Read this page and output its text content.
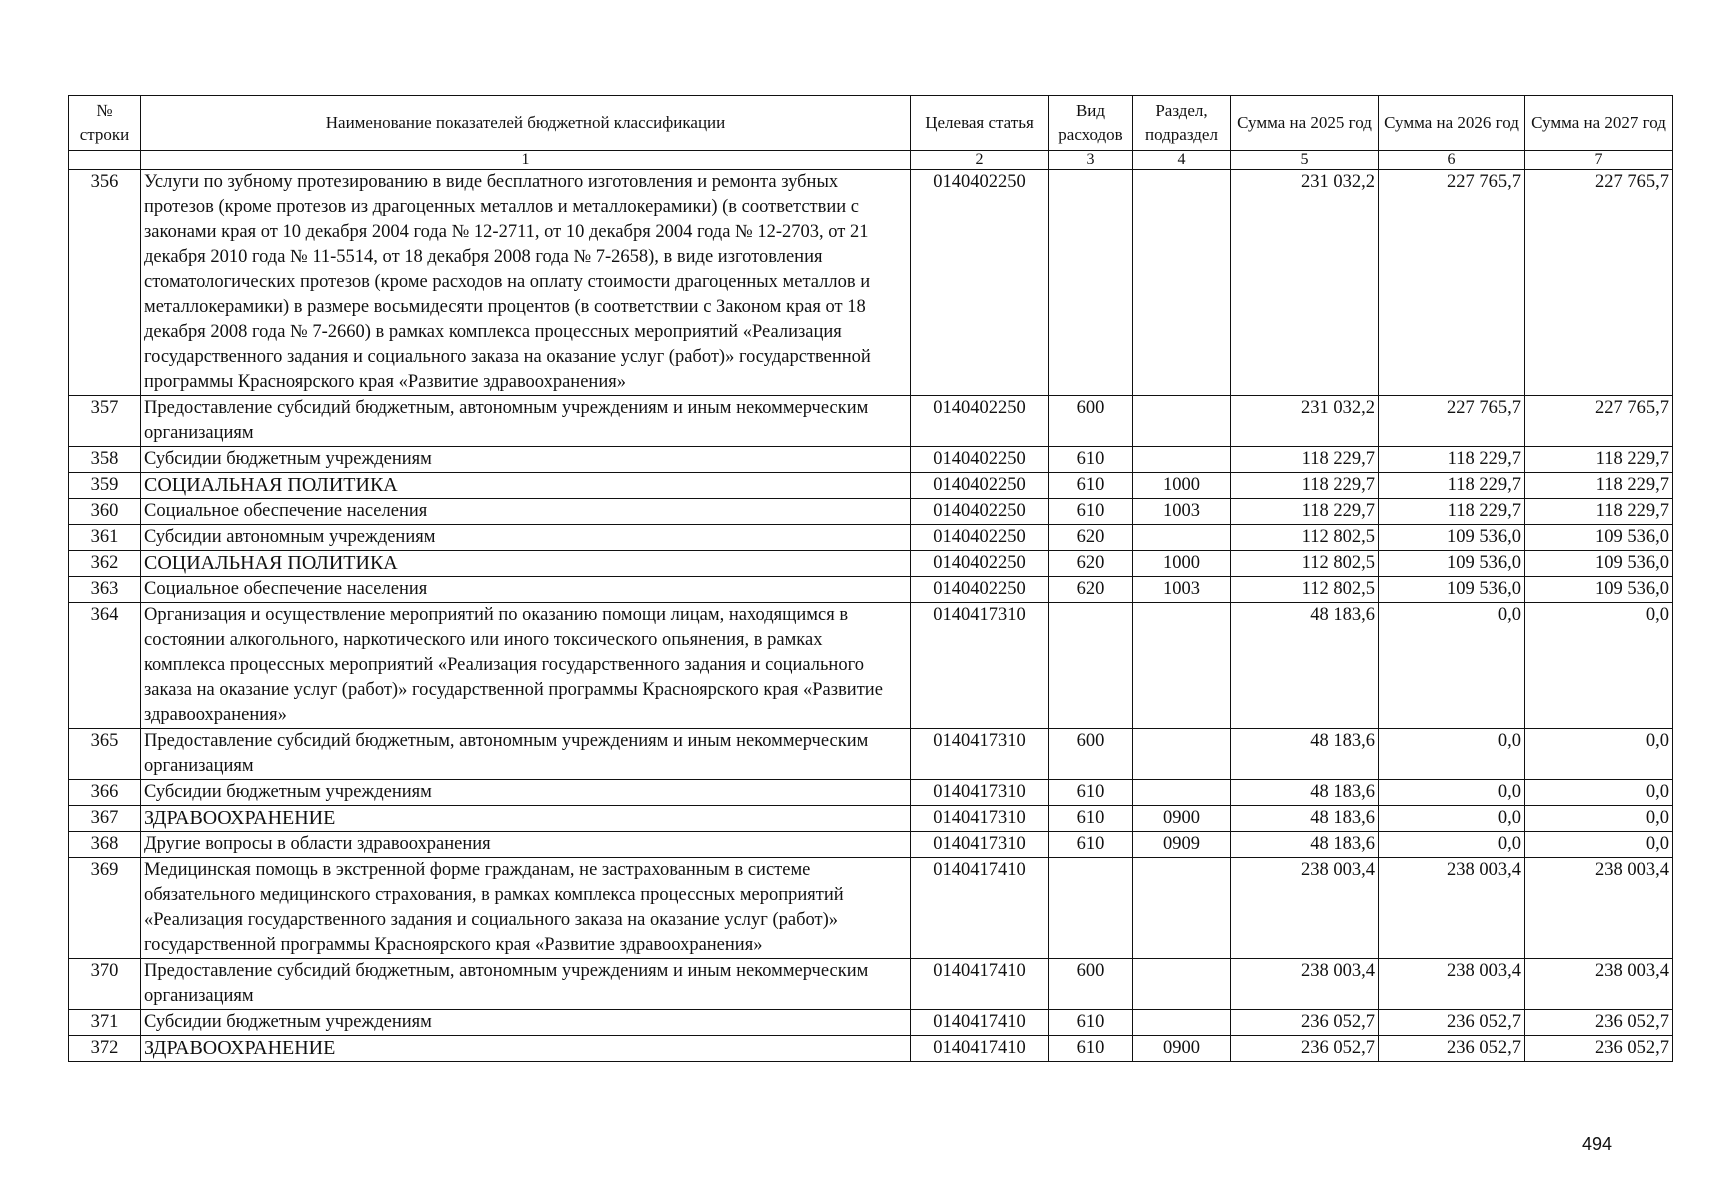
№ строки	Наименование показателей бюджетной классификации	Целевая статья	Вид расходов	Раздел, подраздел	Сумма на 2025 год	Сумма на 2026 год	Сумма на 2027 год
	1	2	3	4	5	6	7
356	Услуги по зубному протезированию в виде бесплатного изготовления и ремонта зубных протезов (кроме протезов из драгоценных металлов и металлокерамики) (в соответствии с законами края от 10 декабря 2004 года № 12-2711, от 10 декабря 2004 года № 12-2703, от 21 декабря 2010 года № 11-5514, от 18 декабря 2008 года № 7-2658), в виде изготовления стоматологических протезов (кроме расходов на оплату стоимости драгоценных металлов и металлокерамики) в размере восьмидесяти процентов (в соответствии с Законом края от 18 декабря 2008 года № 7-2660) в рамках комплекса процессных мероприятий «Реализация государственного задания и социального заказа на оказание услуг (работ)» государственной программы Красноярского края «Развитие здравоохранения»	0140402250			231 032,2	227 765,7	227 765,7
357	Предоставление субсидий бюджетным, автономным учреждениям и иным некоммерческим организациям	0140402250	600		231 032,2	227 765,7	227 765,7
358	Субсидии бюджетным учреждениям	0140402250	610		118 229,7	118 229,7	118 229,7
359	СОЦИАЛЬНАЯ ПОЛИТИКА	0140402250	610	1000	118 229,7	118 229,7	118 229,7
360	Социальное обеспечение населения	0140402250	610	1003	118 229,7	118 229,7	118 229,7
361	Субсидии автономным учреждениям	0140402250	620		112 802,5	109 536,0	109 536,0
362	СОЦИАЛЬНАЯ ПОЛИТИКА	0140402250	620	1000	112 802,5	109 536,0	109 536,0
363	Социальное обеспечение населения	0140402250	620	1003	112 802,5	109 536,0	109 536,0
364	Организация и осуществление мероприятий по оказанию помощи лицам, находящимся в состоянии алкогольного, наркотического или иного токсического опьянения, в рамках комплекса процессных мероприятий «Реализация государственного задания и социального заказа на оказание услуг (работ)» государственной программы Красноярского края «Развитие здравоохранения»	0140417310			48 183,6	0,0	0,0
365	Предоставление субсидий бюджетным, автономным учреждениям и иным некоммерческим организациям	0140417310	600		48 183,6	0,0	0,0
366	Субсидии бюджетным учреждениям	0140417310	610		48 183,6	0,0	0,0
367	ЗДРАВООХРАНЕНИЕ	0140417310	610	0900	48 183,6	0,0	0,0
368	Другие вопросы в области здравоохранения	0140417310	610	0909	48 183,6	0,0	0,0
369	Медицинская помощь в экстренной форме гражданам, не застрахованным в системе обязательного медицинского страхования, в рамках комплекса процессных мероприятий «Реализация государственного задания и социального заказа на оказание услуг (работ)» государственной программы Красноярского края «Развитие здравоохранения»	0140417410			238 003,4	238 003,4	238 003,4
370	Предоставление субсидий бюджетным, автономным учреждениям и иным некоммерческим организациям	0140417410	600		238 003,4	238 003,4	238 003,4
371	Субсидии бюджетным учреждениям	0140417410	610		236 052,7	236 052,7	236 052,7
372	ЗДРАВООХРАНЕНИЕ	0140417410	610	0900	236 052,7	236 052,7	236 052,7
494
